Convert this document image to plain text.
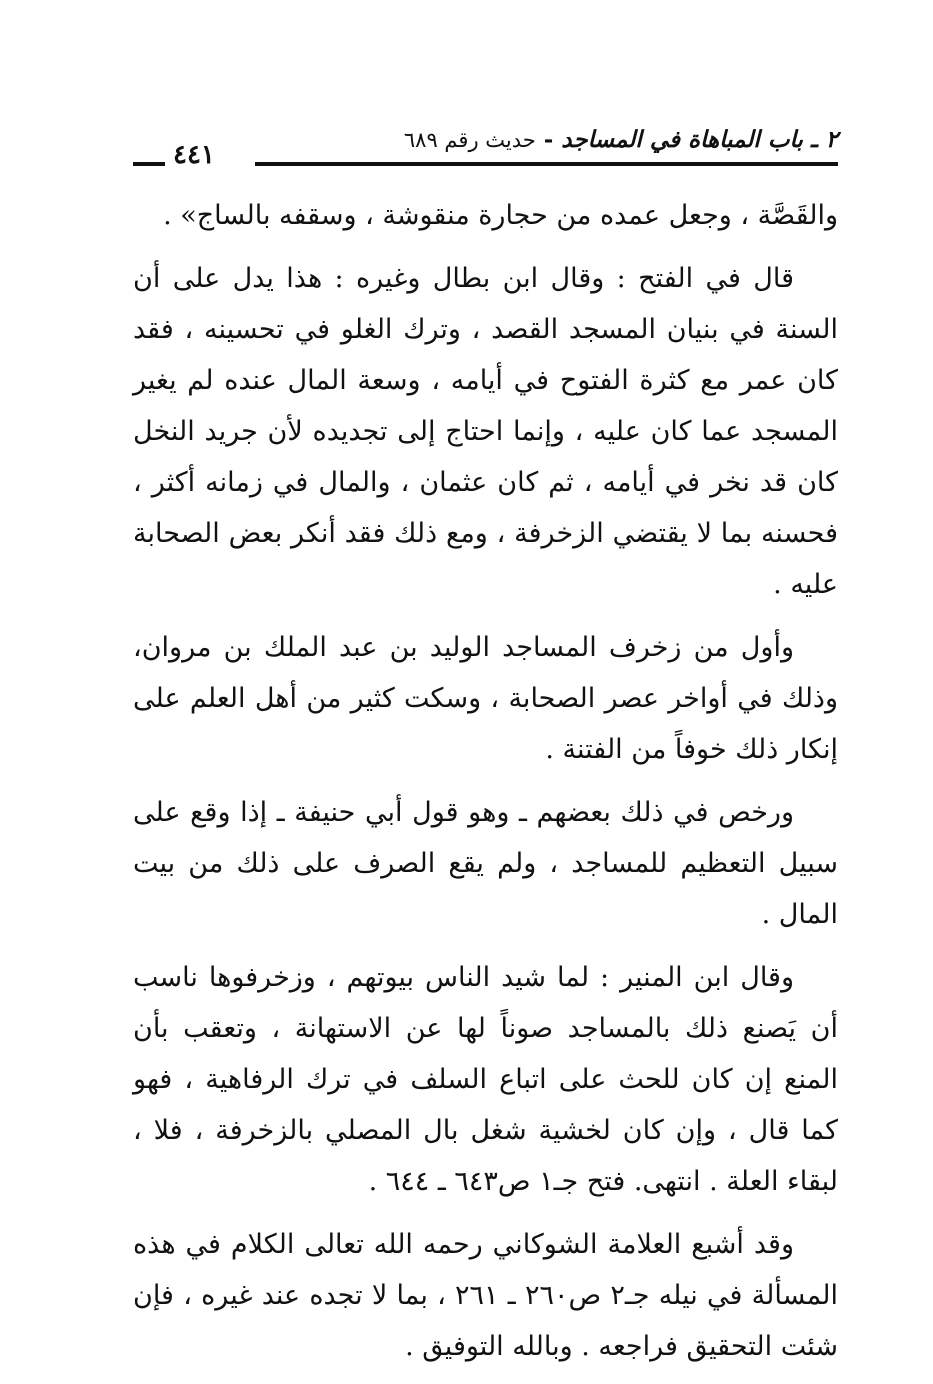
٢ ـ باب المباهاة في المساجد - حديث رقم ٦٨٩
٤٤١

والقَصَّة ، وجعل عمده من حجارة منقوشة ، وسقفه بالساج» .

قال في الفتح : وقال ابن بطال وغيره : هذا يدل على أن السنة في بنيان المسجد القصد ، وترك الغلو في تحسينه ، فقد كان عمر مع كثرة الفتوح في أيامه ، وسعة المال عنده لم يغير المسجد عما كان عليه ، وإنما احتاج إلى تجديده لأن جريد النخل كان قد نخر في أيامه ، ثم كان عثمان ، والمال في زمانه أكثر ، فحسنه بما لا يقتضي الزخرفة ، ومع ذلك فقد أنكر بعض الصحابة عليه .

وأول من زخرف المساجد الوليد بن عبد الملك بن مروان، وذلك في أواخر عصر الصحابة ، وسكت كثير من أهل العلم على إنكار ذلك خوفاً من الفتنة .

ورخص في ذلك بعضهم ـ وهو قول أبي حنيفة ـ إذا وقع على سبيل التعظيم للمساجد ، ولم يقع الصرف على ذلك من بيت المال .

وقال ابن المنير : لما شيد الناس بيوتهم ، وزخرفوها ناسب أن يَصنع ذلك بالمساجد صوناً لها عن الاستهانة ، وتعقب بأن المنع إن كان للحث على اتباع السلف في ترك الرفاهية ، فهو كما قال ، وإن كان لخشية شغل بال المصلي بالزخرفة ، فلا ، لبقاء العلة . انتهى. فتح جـ١ ص٦٤٣ ـ ٦٤٤ .

وقد أشبع العلامة الشوكاني رحمه الله تعالى الكلام في هذه المسألة في نيله جـ٢ ص٢٦٠ ـ ٢٦١ ، بما لا تجده عند غيره ، فإن شئت التحقيق فراجعه . وبالله التوفيق .
